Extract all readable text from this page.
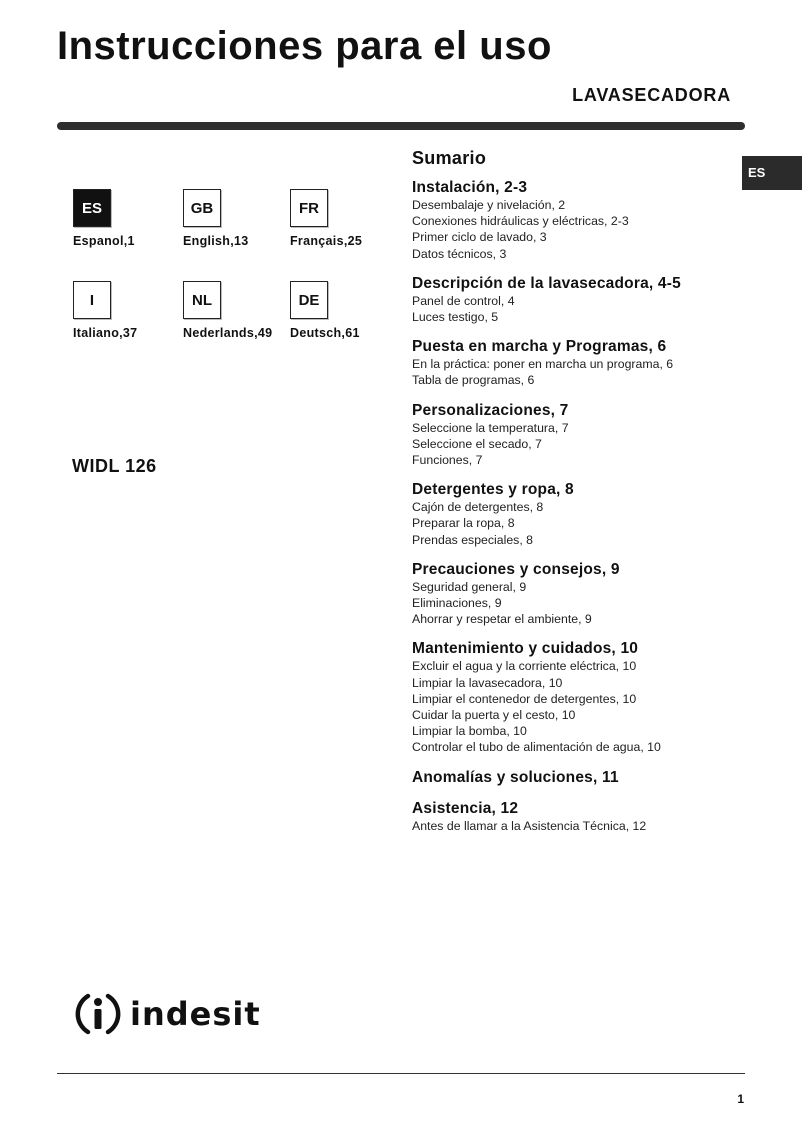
Instrucciones para el uso
LAVASECADORA
ES
ES
Espanol,1
GB
English,13
FR
Français,25
I
Italiano,37
NL
Nederlands,49
DE
Deutsch,61
WIDL 126
Sumario
Instalación, 2-3
Desembalaje y nivelación, 2
Conexiones hidráulicas y eléctricas, 2-3
Primer ciclo de lavado, 3
Datos técnicos, 3
Descripción de la lavasecadora, 4-5
Panel de control, 4
Luces testigo, 5
Puesta en marcha y Programas, 6
En la práctica: poner en marcha un programa, 6
Tabla de programas, 6
Personalizaciones, 7
Seleccione la temperatura, 7
Seleccione el secado, 7
Funciones, 7
Detergentes y ropa, 8
Cajón de detergentes, 8
Preparar la ropa, 8
Prendas especiales, 8
Precauciones y consejos, 9
Seguridad general, 9
Eliminaciones, 9
Ahorrar y respetar el ambiente, 9
Mantenimiento y cuidados, 10
Excluir el agua y la corriente eléctrica, 10
Limpiar la lavasecadora, 10
Limpiar el contenedor de detergentes, 10
Cuidar la puerta y el cesto, 10
Limpiar la bomba, 10
Controlar el tubo de alimentación de agua, 10
Anomalías y soluciones, 11
Asistencia, 12
Antes de llamar a la Asistencia Técnica, 12
indesit
1
